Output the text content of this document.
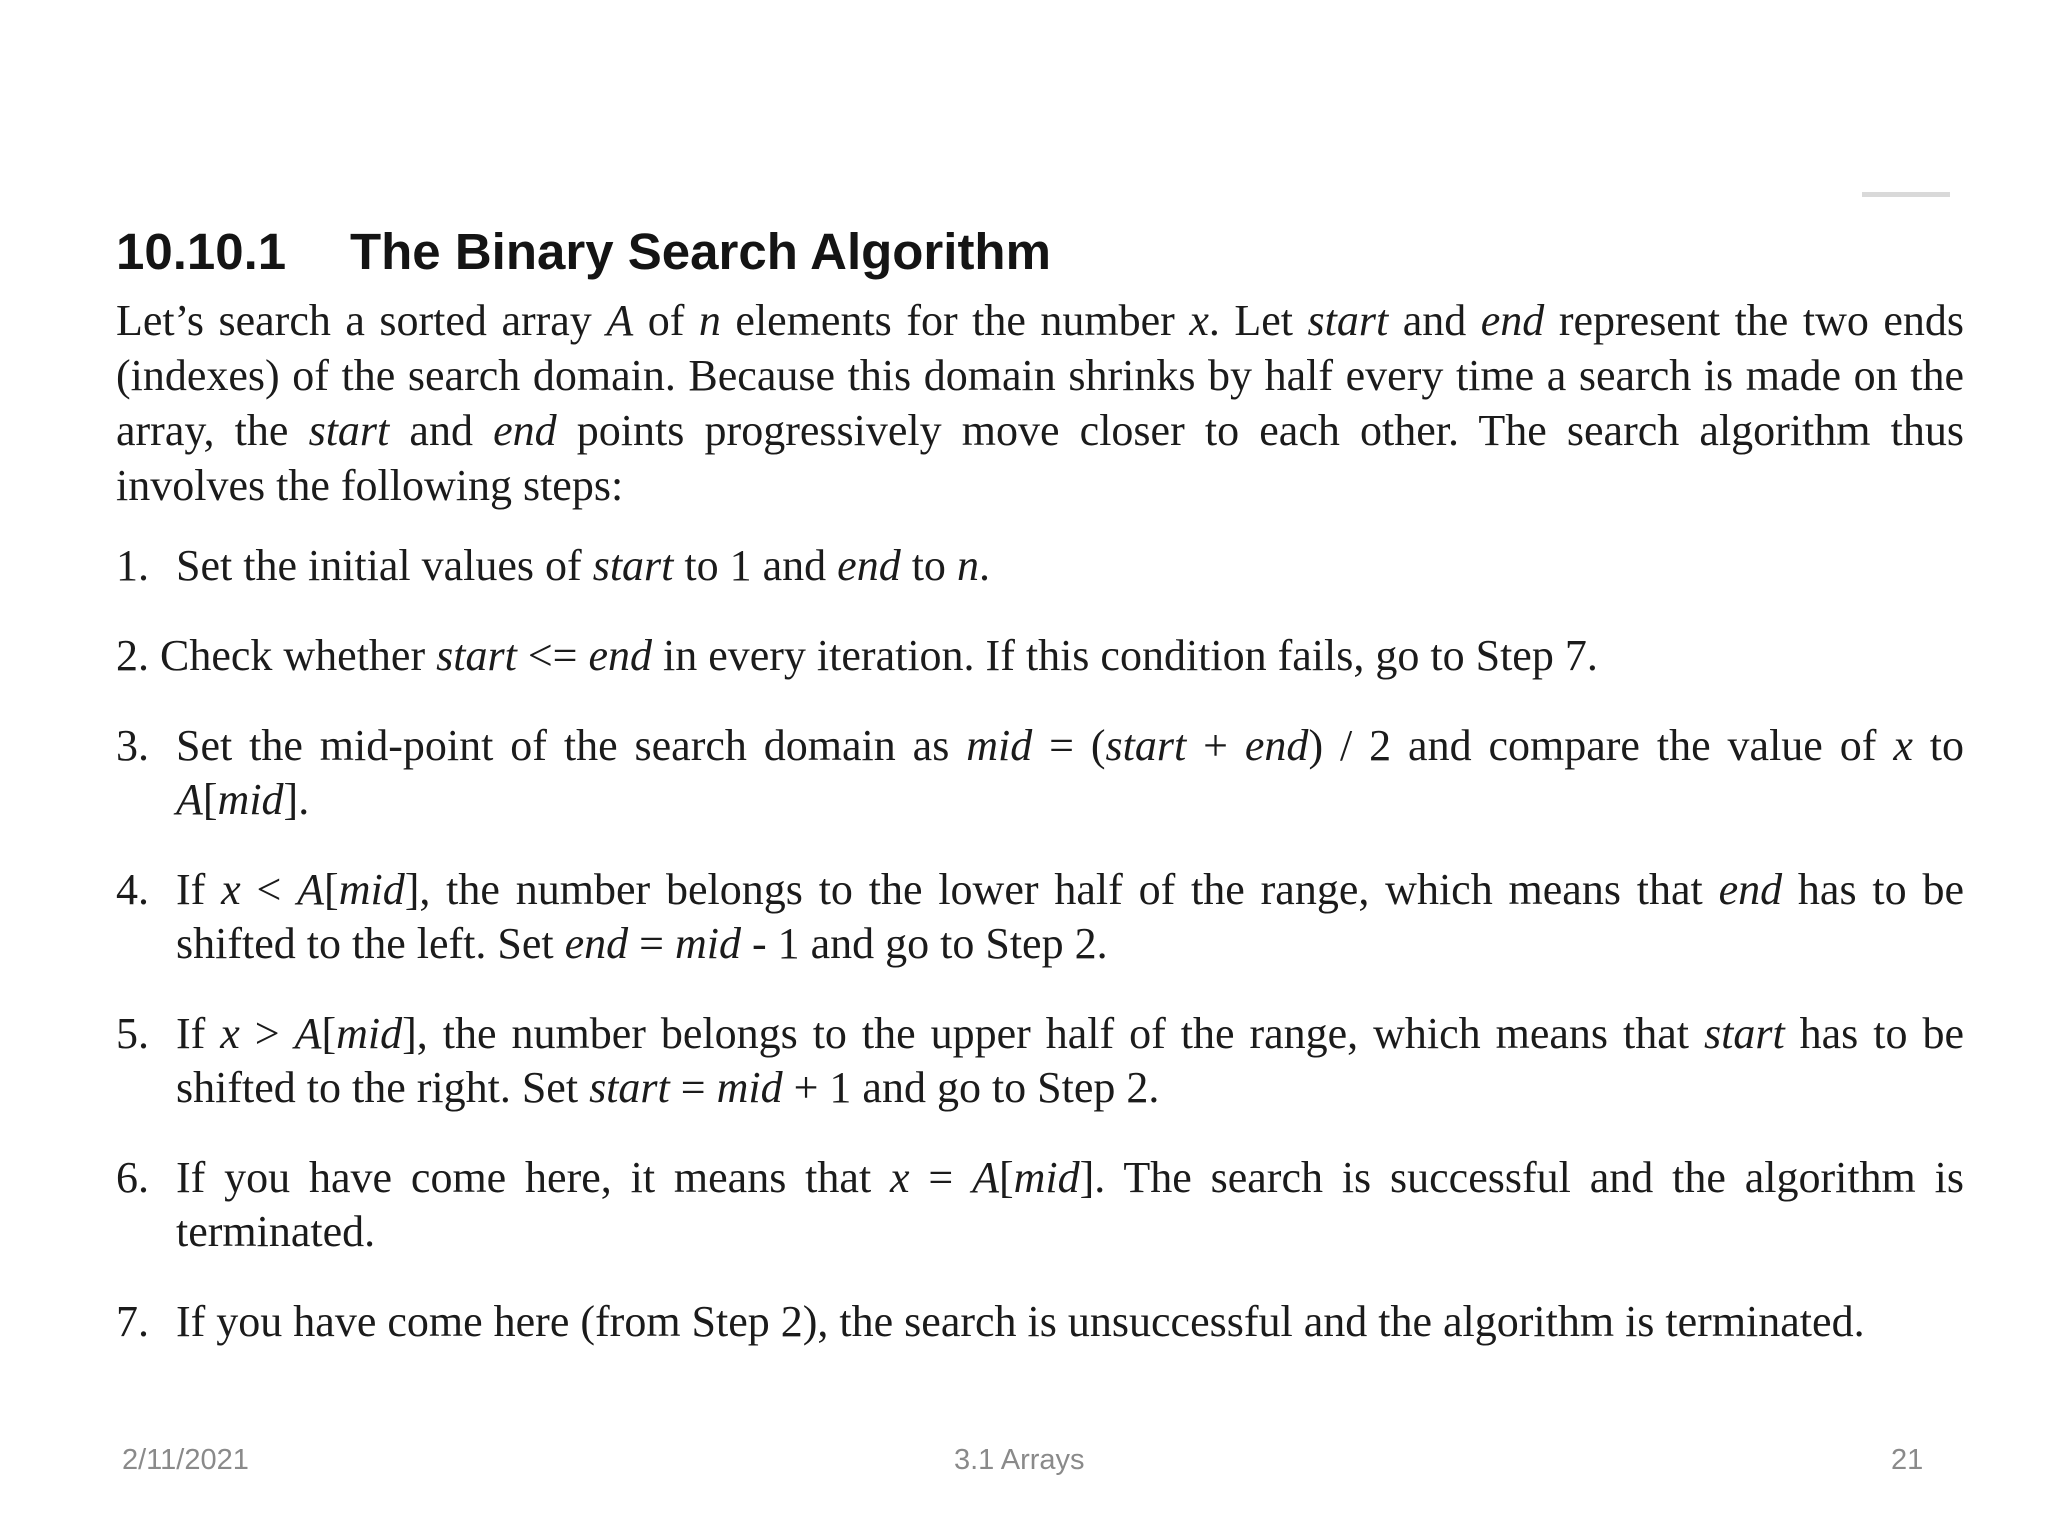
10.10.1 The Binary Search Algorithm

Let’s search a sorted array A of n elements for the number x. Let start and end represent the two ends (indexes) of the search domain. Because this domain shrinks by half every time a search is made on the array, the start and end points progressively move closer to each other. The search algorithm thus involves the following steps:

1. Set the initial values of start to 1 and end to n.
2. Check whether start <= end in every iteration. If this condition fails, go to Step 7.
3. Set the mid-point of the search domain as mid = (start + end) / 2 and compare the value of x to A[mid].
4. If x < A[mid], the number belongs to the lower half of the range, which means that end has to be shifted to the left. Set end = mid - 1 and go to Step 2.
5. If x > A[mid], the number belongs to the upper half of the range, which means that start has to be shifted to the right. Set start = mid + 1 and go to Step 2.
6. If you have come here, it means that x = A[mid]. The search is successful and the algorithm is terminated.
7. If you have come here (from Step 2), the search is unsuccessful and the algorithm is terminated.
2/11/2021	3.1 Arrays	21
